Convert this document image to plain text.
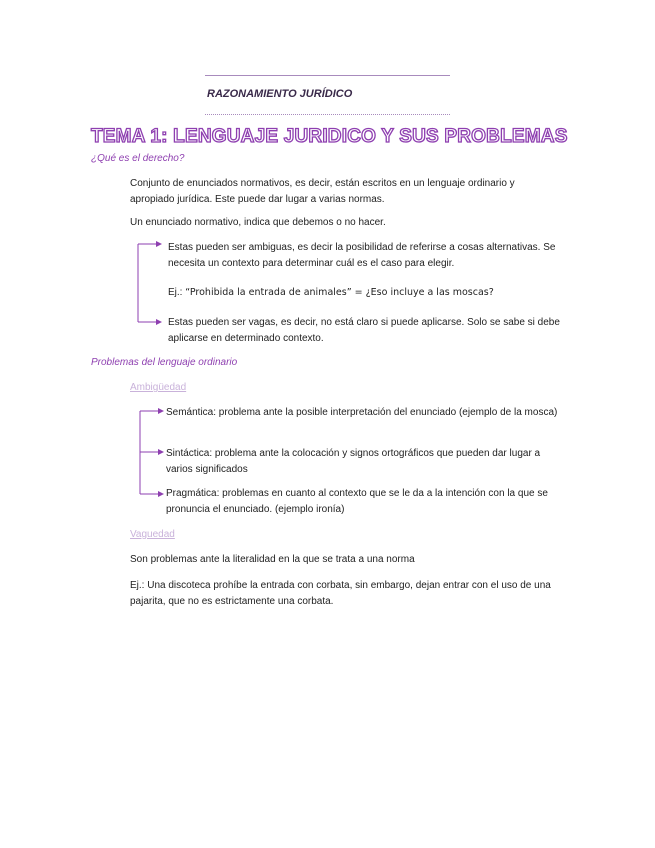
RAZONAMIENTO JURÍDICO
TEMA 1: LENGUAJE JURIDICO Y SUS PROBLEMAS
¿Qué es el derecho?
Conjunto de enunciados normativos, es decir, están escritos en un lenguaje ordinario y apropiado jurídica. Este puede dar lugar a varias normas.
Un enunciado normativo, indica que debemos o no hacer.
Estas pueden ser ambiguas, es decir la posibilidad de referirse a cosas alternativas. Se necesita un contexto para determinar cuál es el caso para elegir.
Ej.: “Prohibida la entrada de animales” = ¿Eso incluye a las moscas?
Estas pueden ser vagas, es decir, no está claro si puede aplicarse. Solo se sabe si debe aplicarse en determinado contexto.
Problemas del lenguaje ordinario
Ambigüedad
Semántica: problema ante la posible interpretación del enunciado (ejemplo de la mosca)
Sintáctica: problema ante la colocación y signos ortográficos que pueden dar lugar a varios significados
Pragmática: problemas en cuanto al contexto que se le da a la intención con la que se pronuncia el enunciado. (ejemplo ironía)
Vaguedad
Son problemas ante la literalidad en la que se trata a una norma
Ej.: Una discoteca prohíbe la entrada con corbata, sin embargo, dejan entrar con el uso de una pajarita, que no es estrictamente una corbata.
